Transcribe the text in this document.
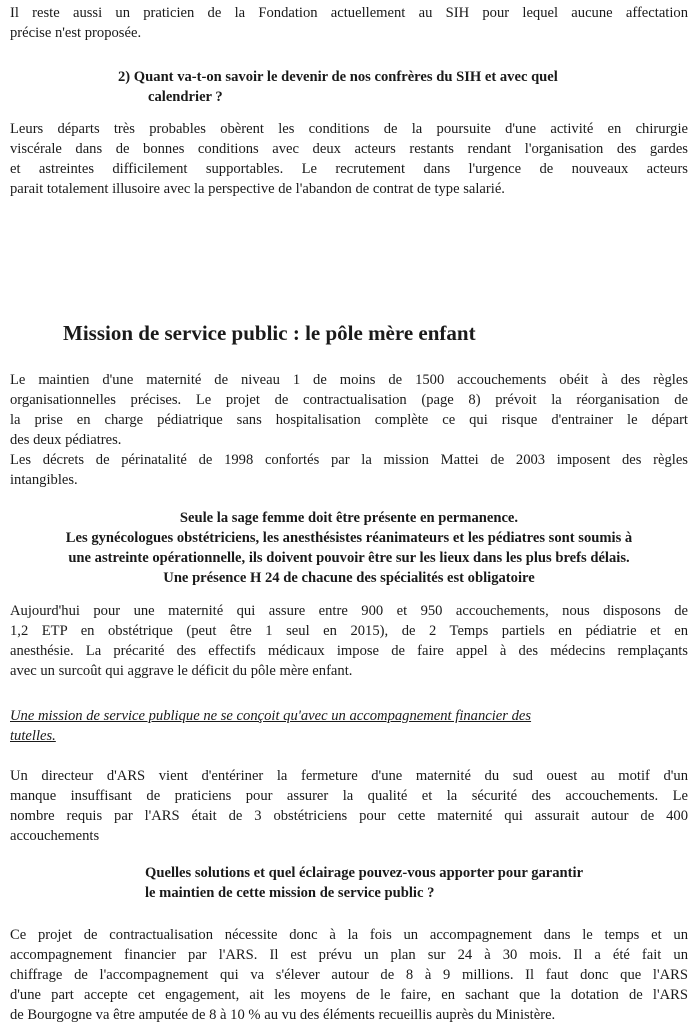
Il reste aussi un praticien de la Fondation actuellement au SIH pour lequel aucune affectation
précise n'est proposée.
2) Quant va-t-on savoir le devenir de nos confrères du SIH et avec quel
calendrier ?
Leurs départs très probables obèrent les conditions de la poursuite d'une activité en chirurgie
viscérale dans de bonnes conditions avec deux acteurs restants rendant l'organisation des gardes
et astreintes difficilement supportables. Le recrutement dans l'urgence de nouveaux acteurs
parait totalement illusoire avec la perspective de l'abandon de contrat de type salarié.
Mission de service public : le pôle mère enfant
Le maintien d'une maternité de niveau 1 de moins de 1500 accouchements obéit à des règles
organisationnelles précises. Le projet de contractualisation (page 8) prévoit la réorganisation de
la prise en charge pédiatrique sans hospitalisation complète ce qui risque d'entrainer le départ
des deux pédiatres.
Les décrets de périnatalité de 1998 confortés par la mission Mattei de 2003 imposent des règles
intangibles.
Seule la sage femme doit être présente en permanence.
Les gynécologues obstétriciens, les anesthésistes réanimateurs et les pédiatres sont soumis à
une astreinte opérationnelle, ils doivent pouvoir être sur les lieux dans les plus brefs délais.
Une présence H 24 de chacune des spécialités est obligatoire
Aujourd'hui pour une maternité qui assure entre 900 et 950 accouchements, nous disposons de
1,2 ETP en obstétrique (peut être 1 seul en 2015), de 2 Temps partiels en pédiatrie et en
anesthésie. La précarité des effectifs médicaux impose de faire appel à des médecins remplaçants
avec un surcoût qui aggrave le déficit du pôle mère enfant.
Une mission de service publique ne se conçoit qu'avec un accompagnement financier des
tutelles.
Un directeur d'ARS vient d'entériner la fermeture d'une maternité du sud ouest au motif d'un
manque insuffisant de praticiens pour assurer la qualité et la sécurité des accouchements. Le
nombre requis par l'ARS était de 3 obstétriciens pour cette maternité qui assurait autour de 400
accouchements
Quelles solutions et quel éclairage pouvez-vous apporter pour garantir
le maintien de cette mission de service public ?
Ce projet de contractualisation nécessite donc à la fois un accompagnement dans le temps et un
accompagnement financier par l'ARS. Il est prévu un plan sur 24 à 30 mois. Il a été fait un
chiffrage de l'accompagnement qui va s'élever autour de 8 à 9 millions. Il faut donc que l'ARS
d'une part accepte cet engagement, ait les moyens de le faire, en sachant que la dotation de l'ARS
de Bourgogne va être amputée de 8 à 10 % au vu des éléments recueillis auprès du Ministère.
